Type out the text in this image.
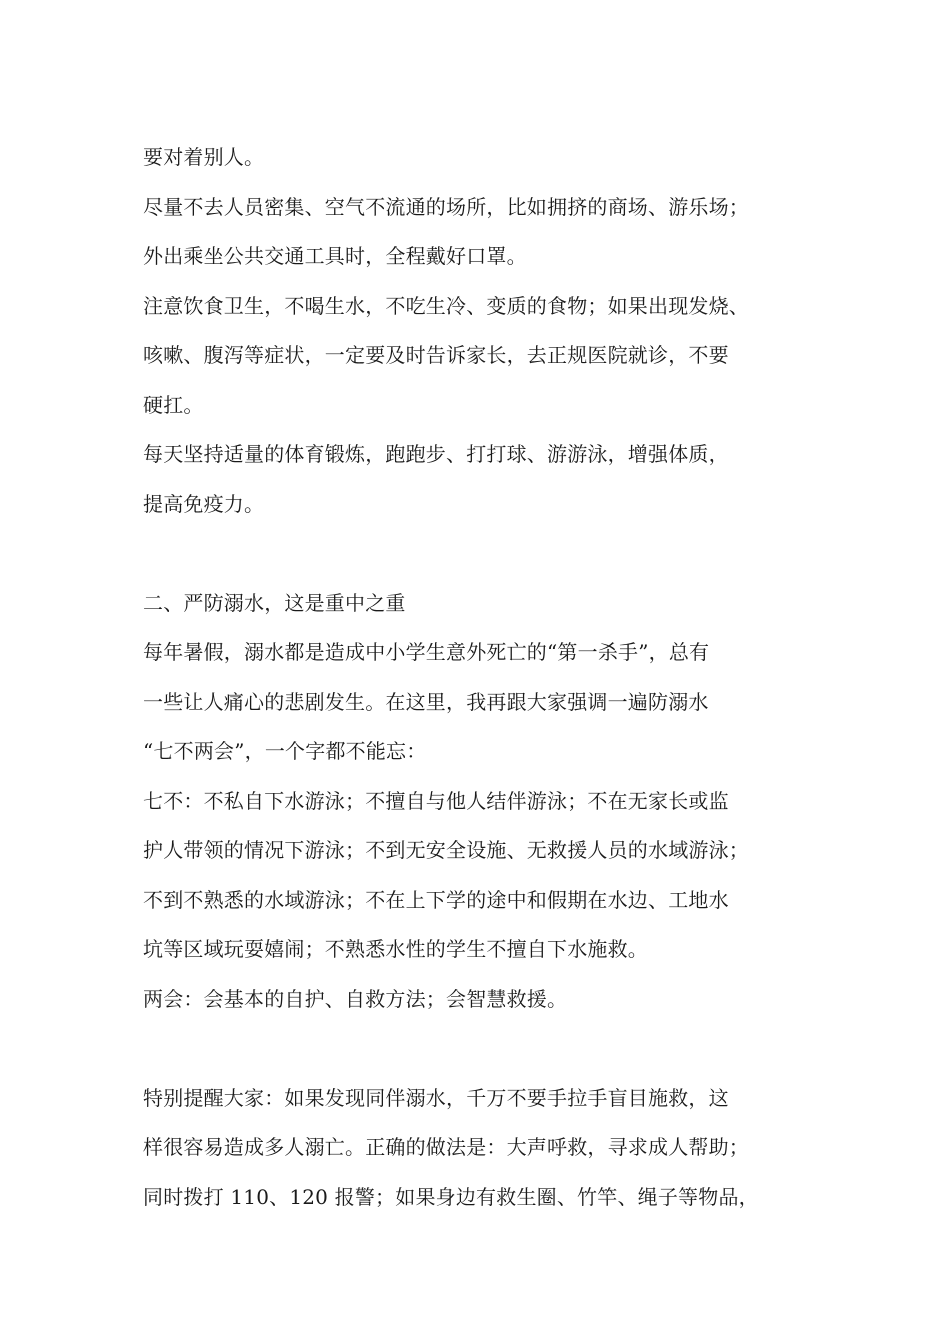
要对着别人。
尽量不去人员密集、空气不流通的场所，比如拥挤的商场、游乐场；
外出乘坐公共交通工具时，全程戴好口罩。
注意饮食卫生，不喝生水，不吃生冷、变质的食物；如果出现发烧、
咳嗽、腹泻等症状，一定要及时告诉家长，去正规医院就诊，不要
硬扛。
每天坚持适量的体育锻炼，跑跑步、打打球、游游泳，增强体质，
提高免疫力。
二、严防溺水，这是重中之重
每年暑假，溺水都是造成中小学生意外死亡的“第一杀手”，总有
一些让人痛心的悲剧发生。在这里，我再跟大家强调一遍防溺水
“七不两会”，一个字都不能忘：
七不：不私自下水游泳；不擅自与他人结伴游泳；不在无家长或监
护人带领的情况下游泳；不到无安全设施、无救援人员的水域游泳；
不到不熟悉的水域游泳；不在上下学的途中和假期在水边、工地水
坑等区域玩耍嬉闹；不熟悉水性的学生不擅自下水施救。
两会：会基本的自护、自救方法；会智慧救援。
特别提醒大家：如果发现同伴溺水，千万不要手拉手盲目施救，这
样很容易造成多人溺亡。正确的做法是：大声呼救，寻求成人帮助；
同时拨打 110、120 报警；如果身边有救生圈、竹竿、绳子等物品，
